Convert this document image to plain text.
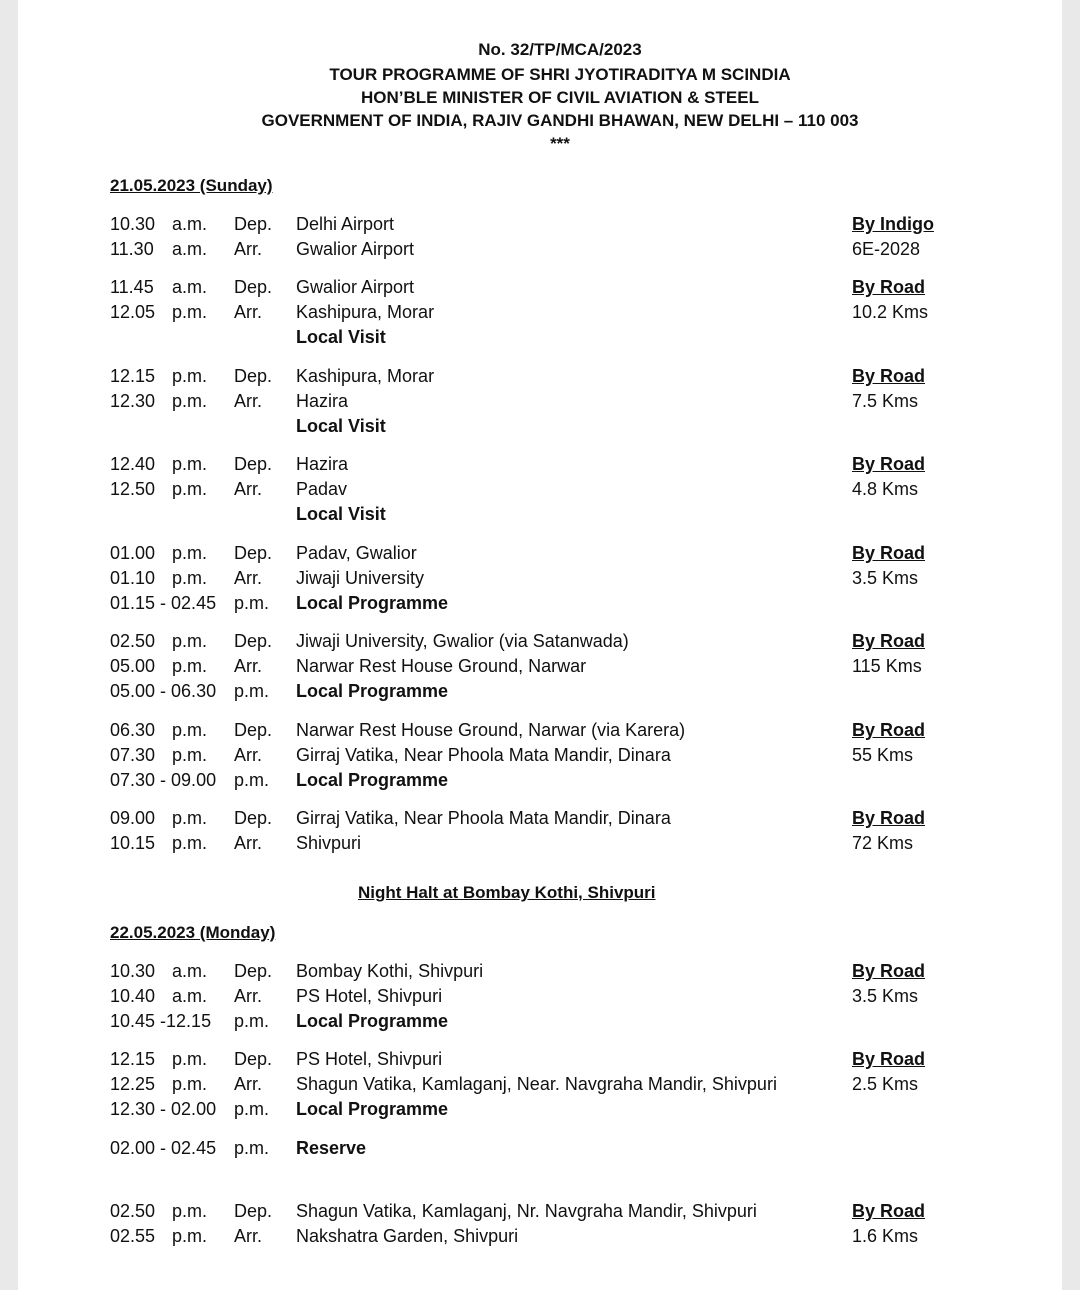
No. 32/TP/MCA/2023
TOUR PROGRAMME OF SHRI JYOTIRADITYA M SCINDIA
HON’BLE MINISTER OF CIVIL AVIATION & STEEL
GOVERNMENT OF INDIA, RAJIV GANDHI BHAWAN, NEW DELHI – 110 003
***
21.05.2023 (Sunday)
10.30 a.m. Dep. Delhi Airport	By Indigo
11.30 a.m. Arr. Gwalior Airport	6E-2028
11.45 a.m. Dep. Gwalior Airport	By Road
12.05 p.m. Arr. Kashipura, Morar	10.2 Kms
Local Visit
12.15 p.m. Dep. Kashipura, Morar	By Road
12.30 p.m. Arr. Hazira	7.5 Kms
Local Visit
12.40 p.m. Dep. Hazira	By Road
12.50 p.m. Arr. Padav	4.8 Kms
Local Visit
01.00 p.m. Dep. Padav, Gwalior	By Road
01.10 p.m. Arr. Jiwaji University	3.5 Kms
01.15 - 02.45 p.m. Local Programme
02.50 p.m. Dep. Jiwaji University, Gwalior (via Satanwada)	By Road
05.00 p.m. Arr. Narwar Rest House Ground, Narwar	115 Kms
05.00 - 06.30 p.m. Local Programme
06.30 p.m. Dep. Narwar Rest House Ground, Narwar (via Karera)	By Road
07.30 p.m. Arr. Girraj Vatika, Near Phoola Mata Mandir, Dinara	55 Kms
07.30 - 09.00 p.m. Local Programme
09.00 p.m. Dep. Girraj Vatika, Near Phoola Mata Mandir, Dinara	By Road
10.15 p.m. Arr. Shivpuri	72 Kms
Night Halt at Bombay Kothi, Shivpuri
22.05.2023 (Monday)
10.30 a.m. Dep. Bombay Kothi, Shivpuri	By Road
10.40 a.m. Arr. PS Hotel, Shivpuri	3.5 Kms
10.45 -12.15 p.m. Local Programme
12.15 p.m. Dep. PS Hotel, Shivpuri	By Road
12.25 p.m. Arr. Shagun Vatika, Kamlaganj, Near. Navgraha Mandir, Shivpuri	2.5 Kms
12.30 - 02.00 p.m. Local Programme
02.00 - 02.45 p.m. Reserve
02.50 p.m. Dep. Shagun Vatika, Kamlaganj, Nr. Navgraha Mandir, Shivpuri	By Road
02.55 p.m. Arr. Nakshatra Garden, Shivpuri	1.6 Kms
